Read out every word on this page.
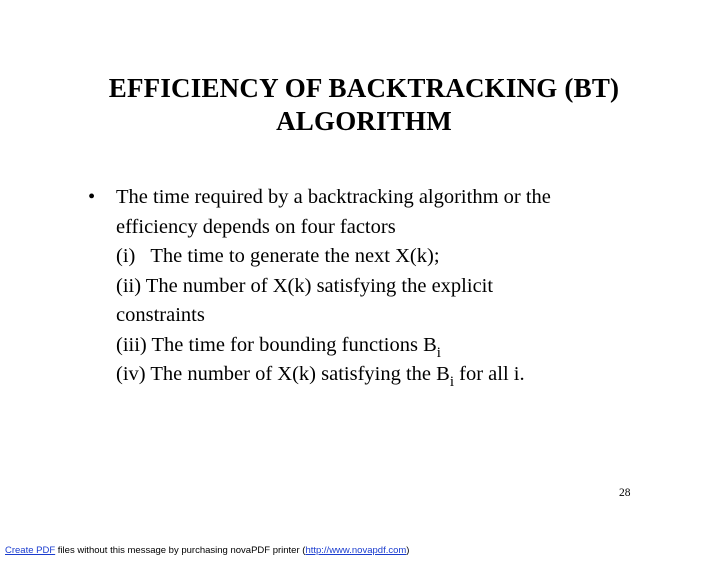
EFFICIENCY OF BACKTRACKING (BT)
ALGORITHM
•	The time required by a backtracking algorithm or the
efficiency depends on four factors
(i)   The time to generate the next X(k);
(ii) The number of X(k) satisfying the explicit
constraints
(iii) The time for bounding functions $B_i$
(iv) The number of X(k) satisfying the $B_i$ for all i.
28
Create PDF files without this message by purchasing novaPDF printer (http://www.novapdf.com)
